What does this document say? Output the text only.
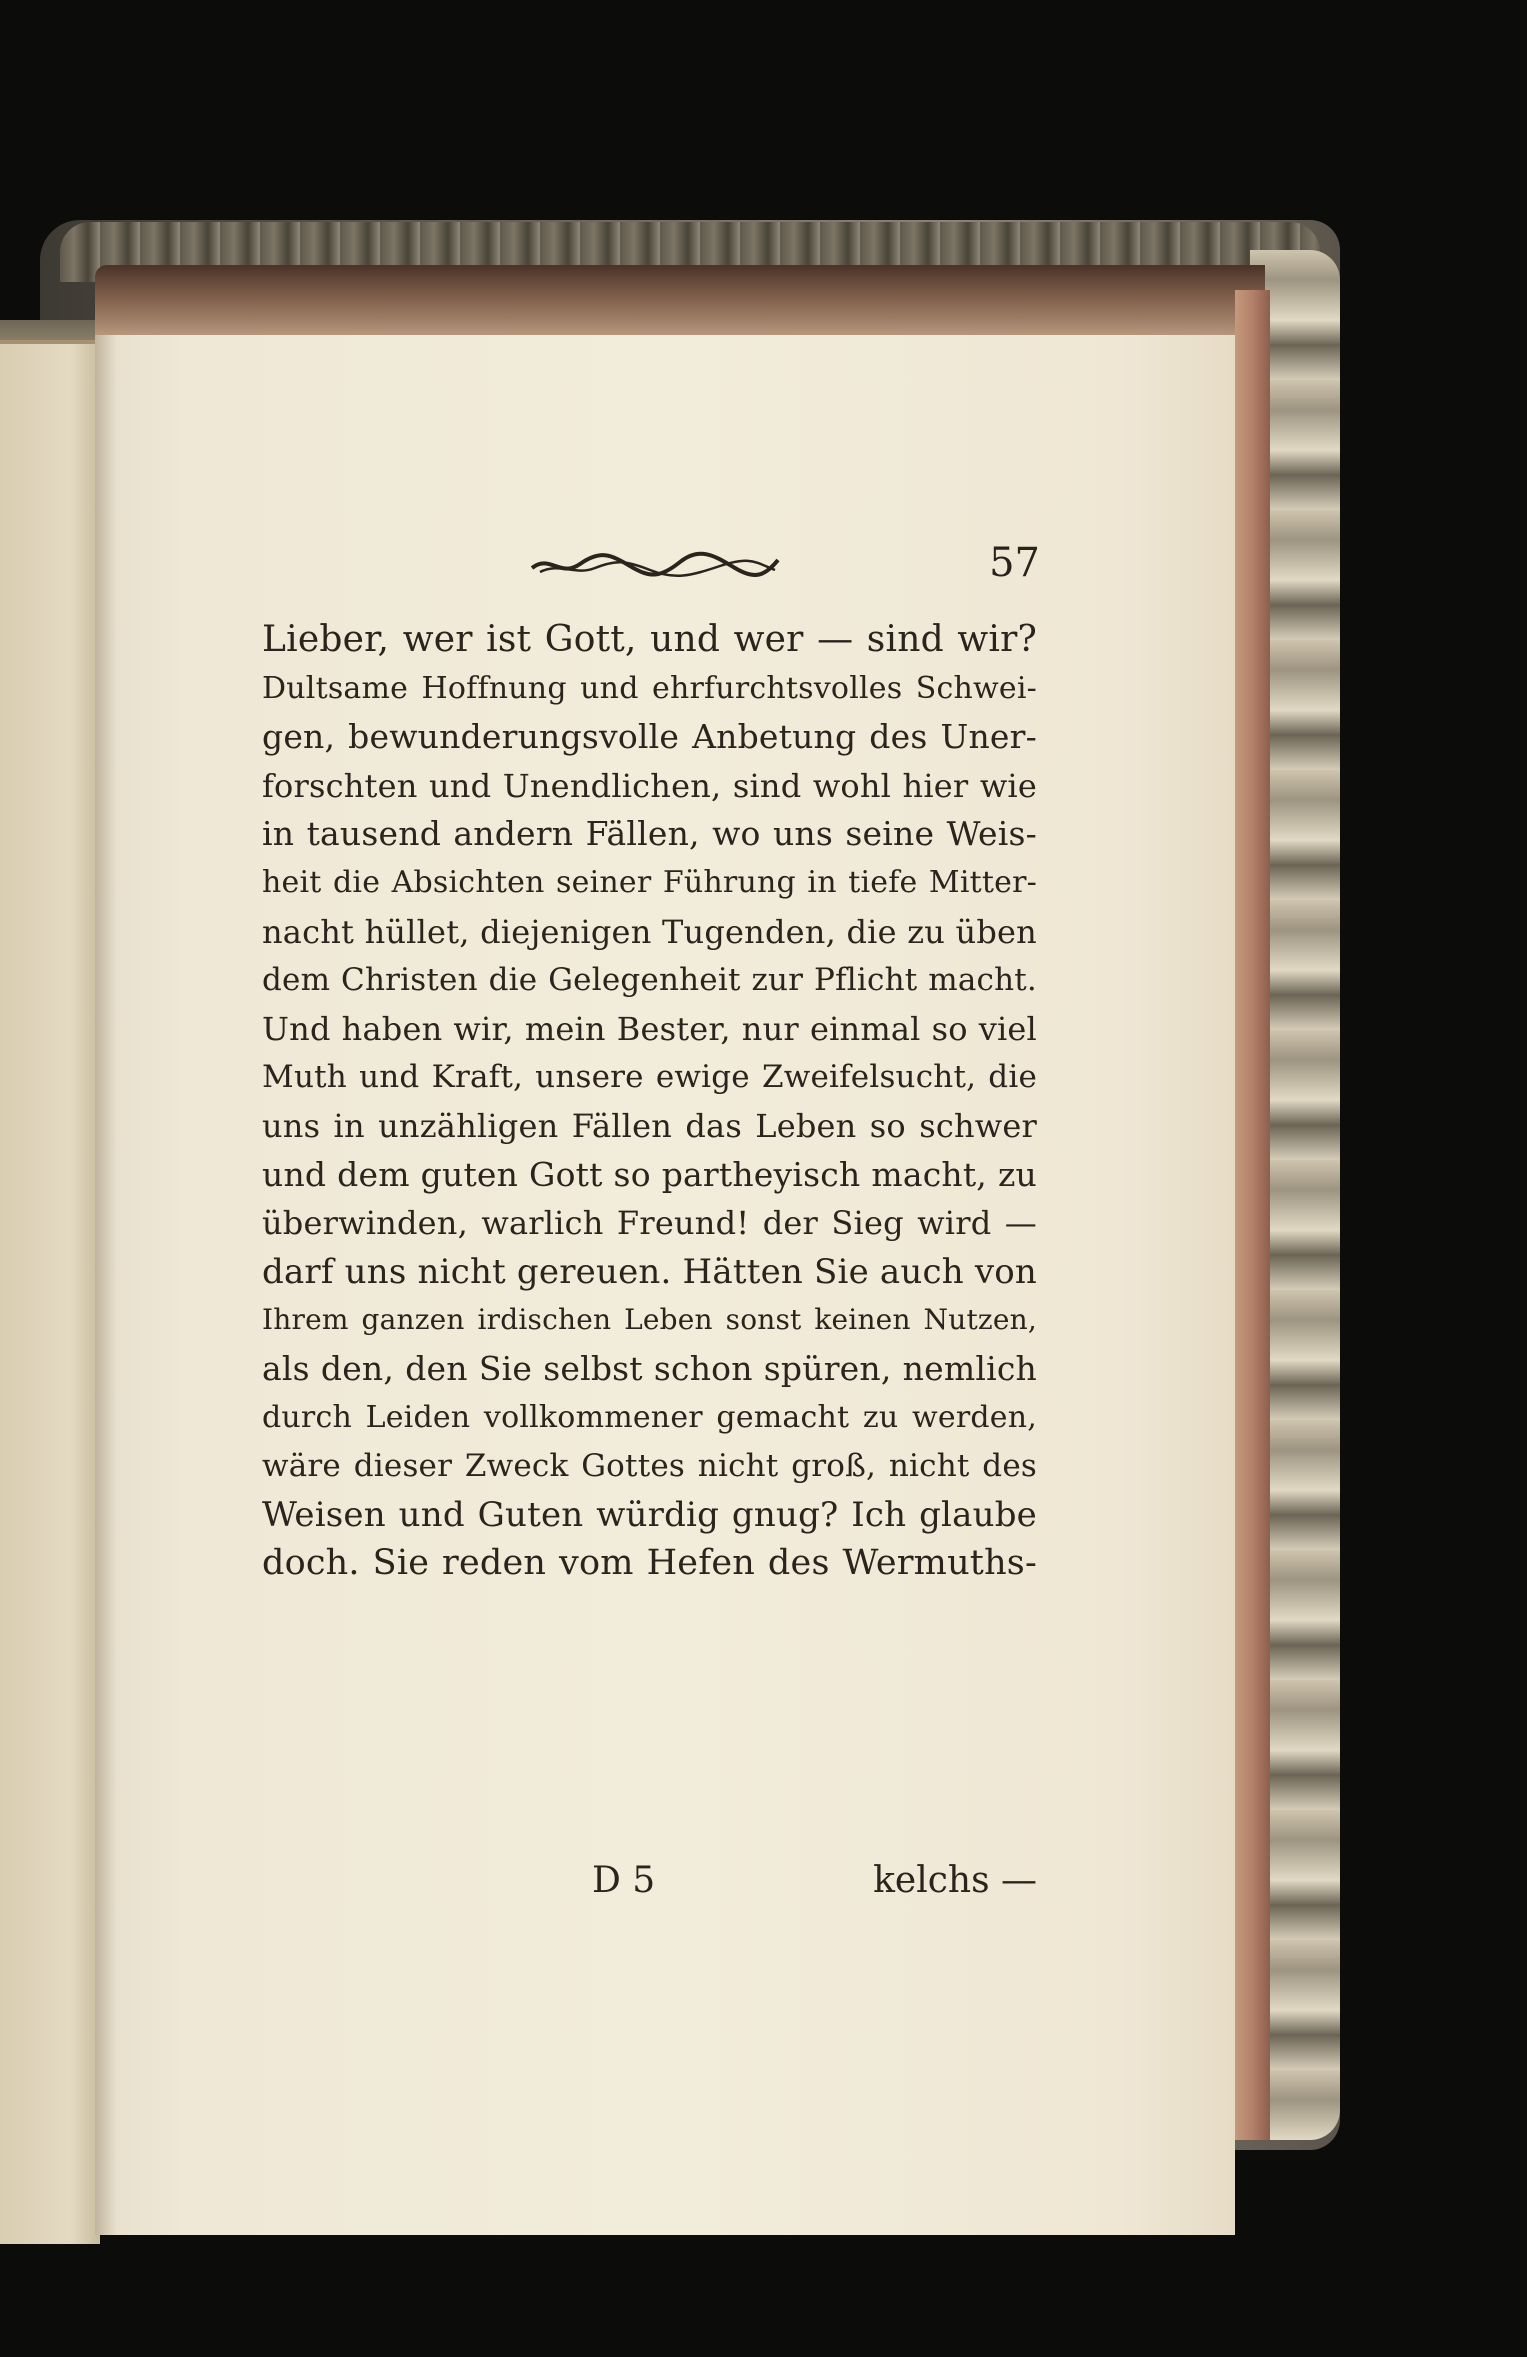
57
Lieber, wer ist Gott, und wer — sind wir?
Dultsame Hoffnung und ehrfurchtsvolles Schwei-
gen, bewunderungsvolle Anbetung des Uner-
forschten und Unendlichen, sind wohl hier wie
in tausend andern Fällen, wo uns seine Weis-
heit die Absichten seiner Führung in tiefe Mitter-
nacht hüllet, diejenigen Tugenden, die zu üben
dem Christen die Gelegenheit zur Pflicht macht.
Und haben wir, mein Bester, nur einmal so viel
Muth und Kraft, unsere ewige Zweifelsucht, die
uns in unzähligen Fällen das Leben so schwer
und dem guten Gott so partheyisch macht, zu
überwinden, warlich Freund! der Sieg wird —
darf uns nicht gereuen. Hätten Sie auch von
Ihrem ganzen irdischen Leben sonst keinen Nutzen,
als den, den Sie selbst schon spüren, nemlich
durch Leiden vollkommener gemacht zu werden,
wäre dieser Zweck Gottes nicht groß, nicht des
Weisen und Guten würdig gnug? Ich glaube
doch. Sie reden vom Hefen des Wermuths-
D 5	kelchs —
